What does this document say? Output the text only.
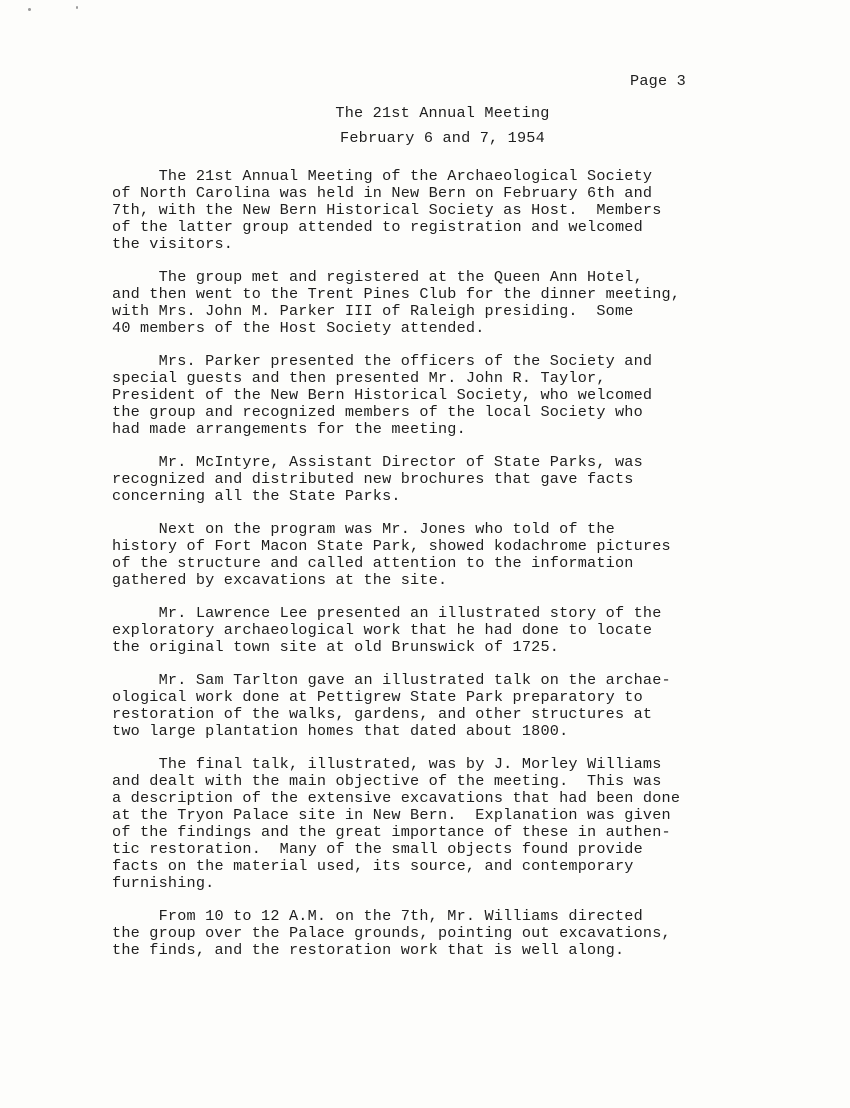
Page 3
The 21st Annual Meeting
February 6 and 7, 1954
The 21st Annual Meeting of the Archaeological Society
of North Carolina was held in New Bern on February 6th and
7th, with the New Bern Historical Society as Host.  Members
of the latter group attended to registration and welcomed
the visitors.
The group met and registered at the Queen Ann Hotel,
and then went to the Trent Pines Club for the dinner meeting,
with Mrs. John M. Parker III of Raleigh presiding.  Some
40 members of the Host Society attended.
Mrs. Parker presented the officers of the Society and
special guests and then presented Mr. John R. Taylor,
President of the New Bern Historical Society, who welcomed
the group and recognized members of the local Society who
had made arrangements for the meeting.
Mr. McIntyre, Assistant Director of State Parks, was
recognized and distributed new brochures that gave facts
concerning all the State Parks.
Next on the program was Mr. Jones who told of the
history of Fort Macon State Park, showed kodachrome pictures
of the structure and called attention to the information
gathered by excavations at the site.
Mr. Lawrence Lee presented an illustrated story of the
exploratory archaeological work that he had done to locate
the original town site at old Brunswick of 1725.
Mr. Sam Tarlton gave an illustrated talk on the archae-
ological work done at Pettigrew State Park preparatory to
restoration of the walks, gardens, and other structures at
two large plantation homes that dated about 1800.
The final talk, illustrated, was by J. Morley Williams
and dealt with the main objective of the meeting.  This was
a description of the extensive excavations that had been done
at the Tryon Palace site in New Bern.  Explanation was given
of the findings and the great importance of these in authen-
tic restoration.  Many of the small objects found provide
facts on the material used, its source, and contemporary
furnishing.
From 10 to 12 A.M. on the 7th, Mr. Williams directed
the group over the Palace grounds, pointing out excavations,
the finds, and the restoration work that is well along.
